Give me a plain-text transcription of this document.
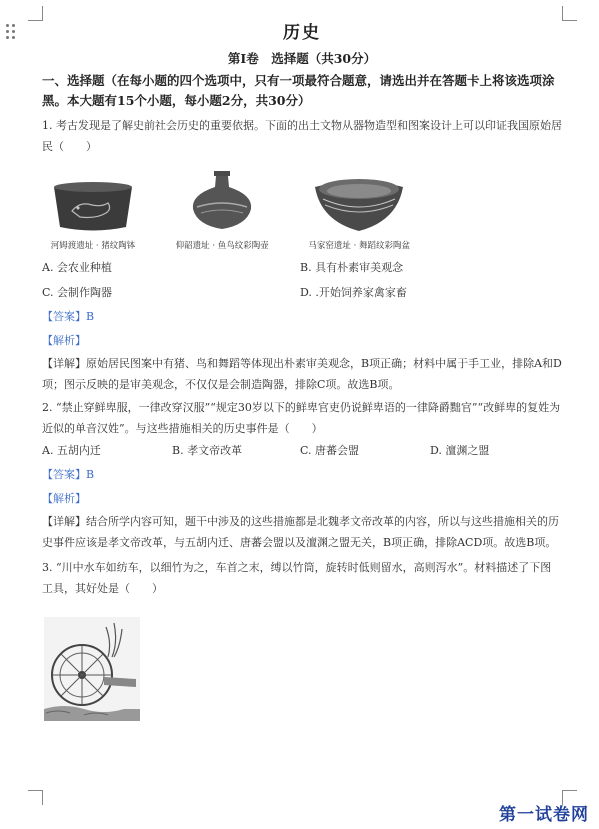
历史
第Ⅰ卷　选择题（共30分）
一、选择题（在每小题的四个选项中，只有一项最符合题意，请选出并在答题卡上将该选项涂黑。本大题有15个小题，每小题2分，共30分）
1. 考古发现是了解史前社会历史的重要依据。下面的出土文物从器物造型和图案设计上可以印证我国原始居民（　　）
河姆渡遗址 · 猪纹陶钵	仰韶遗址 · 鱼鸟纹彩陶壶	马家窑遗址 · 舞蹈纹彩陶盆
A. 会农业种植	B. 具有朴素审美观念
C. 会制作陶器	D. .开始饲养家禽家畜
【答案】B
【解析】
【详解】原始居民图案中有猪、鸟和舞蹈等体现出朴素审美观念，B项正确；材料中属于手工业，排除A和D项；图示反映的是审美观念，不仅仅是会制造陶器，排除C项。故选B项。
2. “禁止穿鲜卑服，一律改穿汉服”“规定30岁以下的鲜卑官吏仍说鲜卑语的一律降爵黜官”“改鲜卑的复姓为近似的单音汉姓”。与这些措施相关的历史事件是（　　）
A. 五胡内迁	B. 孝文帝改革	C. 唐蕃会盟	D. 澶渊之盟
【答案】B
【解析】
【详解】结合所学内容可知，题干中涉及的这些措施都是北魏孝文帝改革的内容，所以与这些措施相关的历史事件应该是孝文帝改革，与五胡内迁、唐蕃会盟以及澶渊之盟无关，B项正确，排除ACD项。故选B项。
3. “川中水车如纺车，以细竹为之，车首之末，缚以竹筒，旋转时低则留水，高则泻水”。材料描述了下图工具，其好处是（　　）
第一试卷网
